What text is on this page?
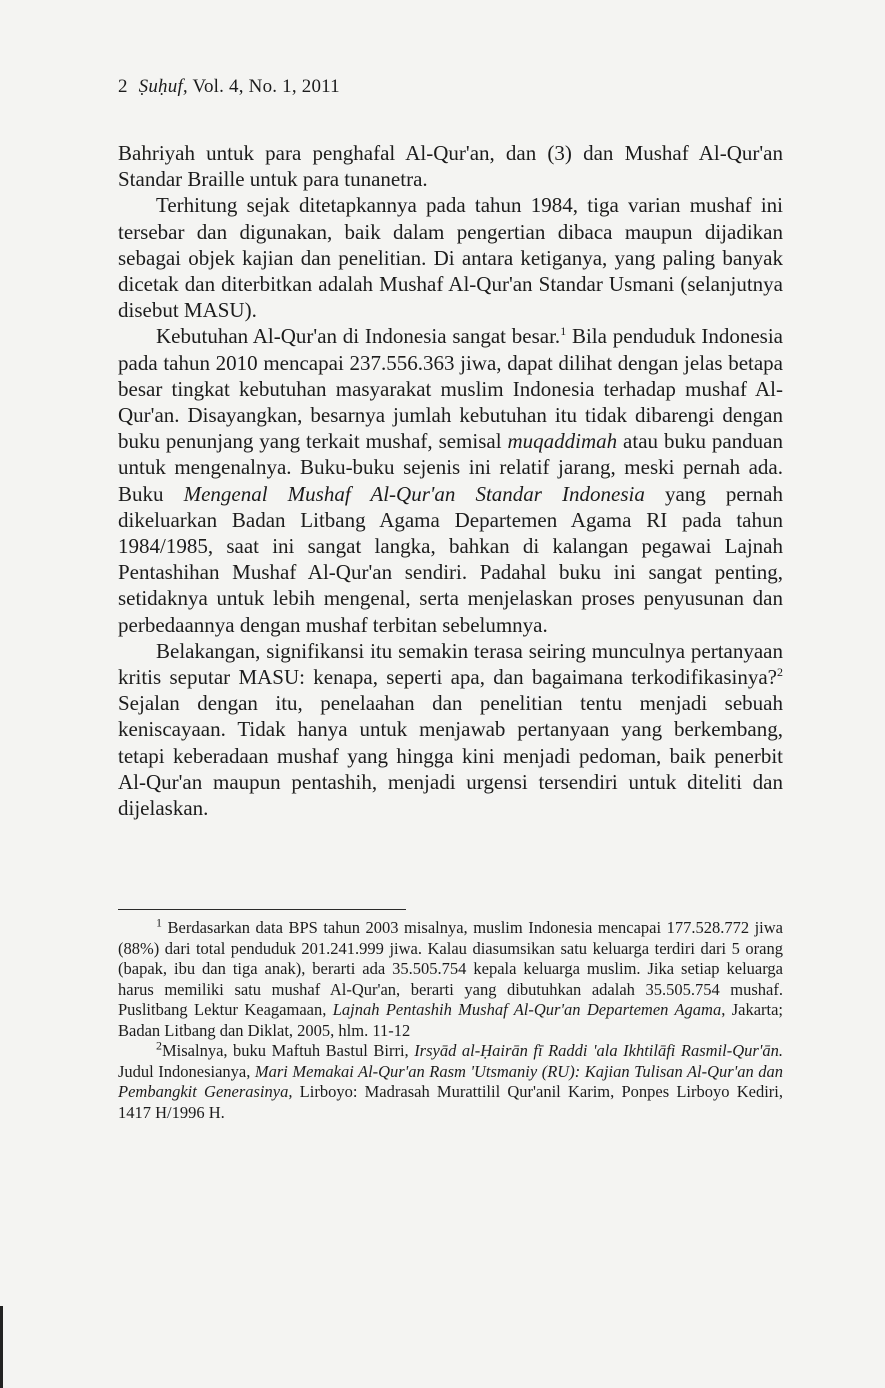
2 Ṣuḥuf, Vol. 4, No. 1, 2011

Bahriyah untuk para penghafal Al-Qur'an, dan (3) dan Mushaf Al-Qur'an Standar Braille untuk para tunanetra.

Terhitung sejak ditetapkannya pada tahun 1984, tiga varian mushaf ini tersebar dan digunakan, baik dalam pengertian dibaca maupun dijadikan sebagai objek kajian dan penelitian. Di antara ketiganya, yang paling banyak dicetak dan diterbitkan adalah Mushaf Al-Qur'an Standar Usmani (selanjutnya disebut MASU).

Kebutuhan Al-Qur'an di Indonesia sangat besar.$^1$ Bila penduduk Indonesia pada tahun 2010 mencapai 237.556.363 jiwa, dapat dilihat dengan jelas betapa besar tingkat kebutuhan masyarakat muslim Indonesia terhadap mushaf Al-Qur'an. Disayangkan, besarnya jumlah kebutuhan itu tidak dibarengi dengan buku penunjang yang terkait mushaf, semisal muqaddimah atau buku panduan untuk mengenalnya. Buku-buku sejenis ini relatif jarang, meski pernah ada. Buku Mengenal Mushaf Al-Qur'an Standar Indonesia yang pernah dikeluarkan Badan Litbang Agama Departemen Agama RI pada tahun 1984/1985, saat ini sangat langka, bahkan di kalangan pegawai Lajnah Pentashihan Mushaf Al-Qur'an sendiri. Padahal buku ini sangat penting, setidaknya untuk lebih mengenal, serta menjelaskan proses penyusunan dan perbedaannya dengan mushaf terbitan sebelumnya.

Belakangan, signifikansi itu semakin terasa seiring munculnya pertanyaan kritis seputar MASU: kenapa, seperti apa, dan bagaimana terkodifikasinya?$^2$ Sejalan dengan itu, penelaahan dan penelitian tentu menjadi sebuah keniscayaan. Tidak hanya untuk menjawab pertanyaan yang berkembang, tetapi keberadaan mushaf yang hingga kini menjadi pedoman, baik penerbit Al-Qur'an maupun pentashih, menjadi urgensi tersendiri untuk diteliti dan dijelaskan.

$^1$ Berdasarkan data BPS tahun 2003 misalnya, muslim Indonesia mencapai 177.528.772 jiwa (88%) dari total penduduk 201.241.999 jiwa. Kalau diasumsikan satu keluarga terdiri dari 5 orang (bapak, ibu dan tiga anak), berarti ada 35.505.754 kepala keluarga muslim. Jika setiap keluarga harus memiliki satu mushaf Al-Qur'an, berarti yang dibutuhkan adalah 35.505.754 mushaf. Puslitbang Lektur Keagamaan, Lajnah Pentashih Mushaf Al-Qur'an Departemen Agama, Jakarta; Badan Litbang dan Diklat, 2005, hlm. 11-12

$^2$Misalnya, buku Maftuh Bastul Birri, Irsyād al-Ḥairān fī Raddi 'ala Ikhtilāfi Rasmil-Qur'ān. Judul Indonesianya, Mari Memakai Al-Qur'an Rasm 'Utsmaniy (RU): Kajian Tulisan Al-Qur'an dan Pembangkit Generasinya, Lirboyo: Madrasah Murattilil Qur'anil Karim, Ponpes Lirboyo Kediri, 1417 H/1996 H.
